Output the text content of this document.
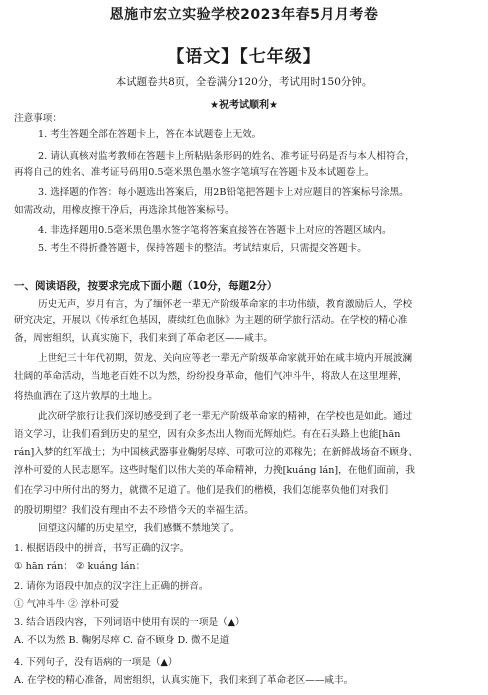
恩施市宏立实验学校2023年春5月月考卷
【语文】【七年级】
本试题卷共8页，全卷满分120分，考试用时150分钟。
★祝考试顺利★
注意事项：
1. 考生答题全部在答题卡上，答在本试题卷上无效。
2. 请认真核对监考教师在答题卡上所粘贴条形码的姓名、准考证号码是否与本人相符合，
再将自己的姓名、准考证号码用0.5毫米黑色墨水签字笔填写在答题卡及本试题卷上。
3. 选择题的作答：每小题选出答案后，用2B铅笔把答题卡上对应题目的答案标号涂黑。
如需改动，用橡皮擦干净后，再选涂其他答案标号。
4. 非选择题用0.5毫米黑色墨水签字笔将答案直接答在答题卡上对应的答题区域内。
5. 考生不得折叠答题卡，保持答题卡的整洁。考试结束后，只需提交答题卡。
一、阅读语段，按要求完成下面小题（10分，每题2分）
历史无声，岁月有言，为了缅怀老一辈无产阶级革命家的丰功伟绩，教育激励后人，学校
研究决定，开展以《传承红色基因，赓续红色血脉》为主题的研学旅行活动。在学校的精心准
备，周密组织，认真实施下，我们来到了革命老区——咸丰。
上世纪三十年代初期，贺龙、关向应等老一辈无产阶级革命家就开始在咸丰境内开展波澜
壮阔的革命活动，当地老百姓不以为然，纷纷投身革命，他们气冲斗牛，将敌人在这里埋葬，
将热血洒在了这片敦厚的土地上。
此次研学旅行让我们深切感受到了老一辈无产阶级革命家的精神，在学校也是如此。通过
语文学习，让我们看到历史的星空，因有众多杰出人物而光辉灿烂。有在石头路上也能[hān
rán]入梦的红军战士；为中国核武器事业鞠躬尽瘁、可歌可泣的邓稼先；在新鲜战场奋不顾身、
淳朴可爱的人民志愿军。这些时髦们以伟大美的革命精神，力挽[kuáng lán]，在他们面前，我
们在学习中所付出的努力，就微不足道了。他们是我们的楷模，我们怎能辜负他们对我们
的殷切期望？我们没有理由不去不珍惜今天的幸福生活。
回望这闪耀的历史星空，我们感慨不禁地笑了。
1. 根据语段中的拼音，书写正确的汉字。
① hān rán： ② kuáng lán：
2. 请你为语段中加点的汉字注上正确的拼音。
① 气冲斗牛 ② 淳朴可爱
3. 结合语段内容，下列词语中使用有误的一项是（▲）
A. 不以为然 B. 鞠躬尽瘁 C. 奋不顾身 D. 微不足道
4. 下列句子，没有语病的一项是（▲）
A. 在学校的精心准备，周密组织，认真实施下，我们来到了革命老区——咸丰。
